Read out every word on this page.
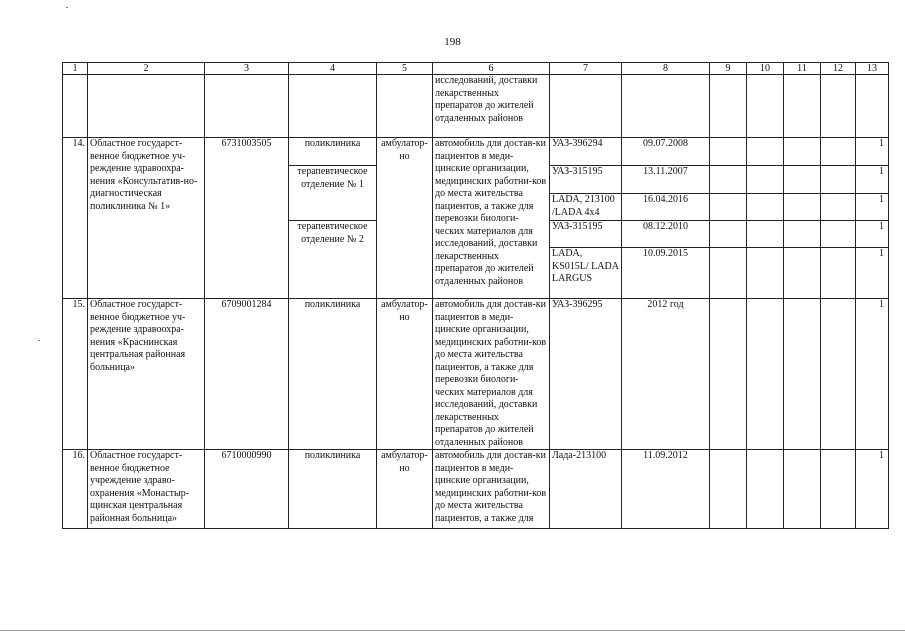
198
1	2	3	4	5	6	7	8	9	10	11	12	13
					исследований, доставки лекарственных препаратов до жителей отдаленных районов							
14.	Областное государст-венное бюджетное уч-реждение здравоохра-нения «Консультатив-но-диагностическая поликлиника № 1»	6731003505	поликлиника	амбулатор-но	автомобиль для достав-ки пациентов в меди-цинские организации, медицинских работни-ков до места жительства пациентов, а также для перевозки биологи-ческих материалов для исследований, доставки лекарственных препаратов до жителей отдаленных районов	УАЗ-396294	09.07.2008					1
			терапевтическое отделение № 1			УАЗ-315195	13.11.2007					1
						LADA, 213100 /LADA 4x4	16.04.2016					1
			терапевтическое отделение № 2			УАЗ-315195	08.12.2010					1
						LADA, KS015L/ LADA LARGUS	10.09.2015					1
15.	Областное государст-венное бюджетное уч-реждение здравоохра-нения «Краснинская центральная районная больница»	6709001284	поликлиника	амбулатор-но	автомобиль для достав-ки пациентов в меди-цинские организации, медицинских работни-ков до места жительства пациентов, а также для перевозки биологи-ческих материалов для исследований, доставки лекарственных препаратов до жителей отдаленных районов	УАЗ-396295	2012 год					1
16.	Областное государст-венное бюджетное учреждение здраво-охранения «Монастыр-щинская центральная районная больница»	6710000990	поликлиника	амбулатор-но	автомобиль для достав-ки пациентов в меди-цинские организации, медицинских работни-ков до места жительства пациентов, а также для	Лада-213100	11.09.2012					1
